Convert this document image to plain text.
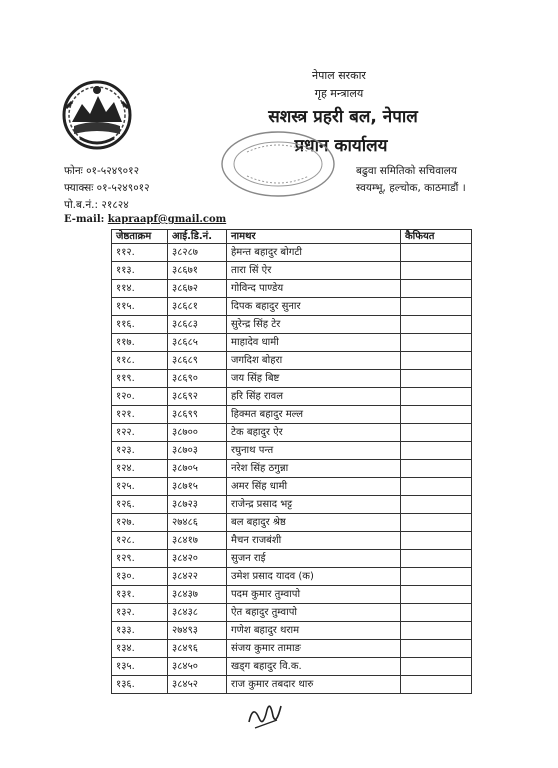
नेपाल सरकार
गृह मन्त्रालय
सशस्त्र प्रहरी बल, नेपाल
प्रधान कार्यालय
फोनः ०१-५२४९०१२
फ्याक्सः ०१-५२४९०१२
पो.ब.नं.: २१८२४
E-mail: kapraapf@gmail.com
बढुवा समितिको सचिवालय
स्वयम्भू, हल्चोक, काठमाडौं ।
जेष्ठताक्रम	आई.डि.नं.	नामथर	कैफियत
११२.	३८२८७	हेमन्त बहादुर बोगटी	
११३.	३८६७१	तारा सिं ऐर	
११४.	३८६७२	गोविन्द पाण्डेय	
११५.	३८६८१	दिपक बहादुर सुनार	
११६.	३८६८३	सुरेन्द्र सिंह टेर	
११७.	३८६८५	माहादेव धामी	
११८.	३८६८९	जगदिश बोहरा	
११९.	३८६९०	जय सिंह बिष्ट	
१२०.	३८६९२	हरि सिंह रावल	
१२१.	३८६९९	हिक्मत बहादुर मल्ल	
१२२.	३८७००	टेक बहादुर ऐर	
१२३.	३८७०३	रघुनाथ पन्त	
१२४.	३८७०५	नरेश सिंह ठगुन्ना	
१२५.	३८७१५	अमर सिंह धामी	
१२६.	३८७२३	राजेन्द्र प्रसाद भट्ट	
१२७.	२७४८६	बल बहादुर श्रेष्ठ	
१२८.	३८४१७	मैचन राजबंशी	
१२९.	३८४२०	सुजन राई	
१३०.	३८४२२	उमेश प्रसाद यादव (क)	
१३१.	३८४३७	पदम कुमार तुम्वापो	
१३२.	३८४३८	ऐत बहादुर तुम्वापो	
१३३.	२७४९३	गणेश बहादुर थराम	
१३४.	३८४९६	संजय कुमार तामाङ	
१३५.	३८४५०	खड्ग बहादुर वि.क.	
१३६.	३८४५२	राज कुमार तबदार थारु	
